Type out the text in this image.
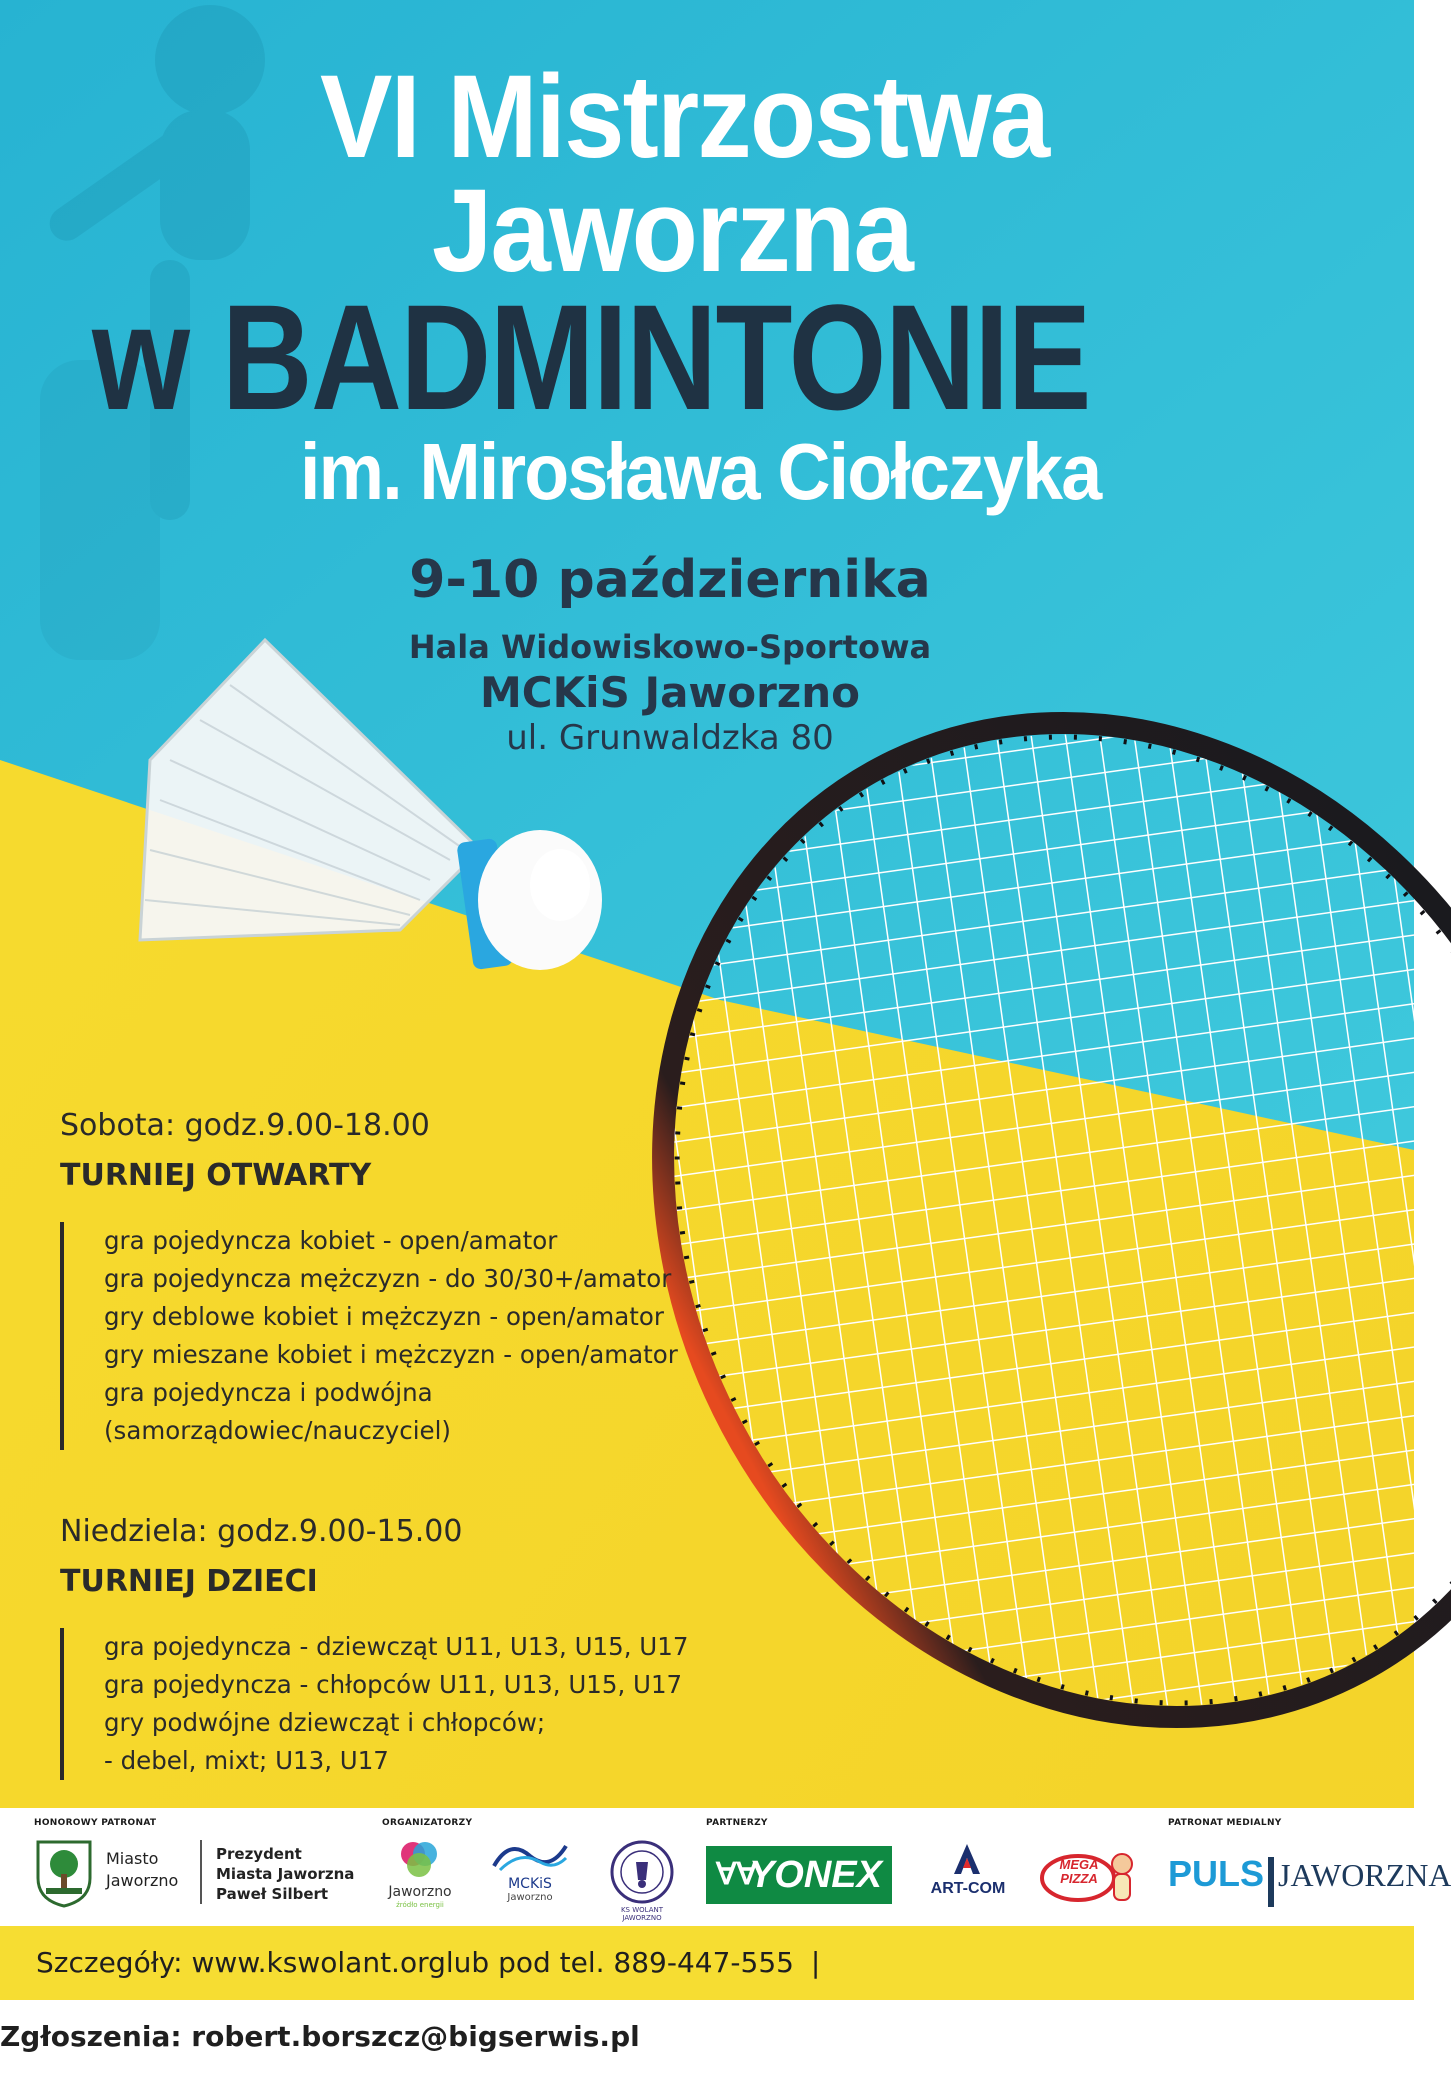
VI Mistrzostwa
Jaworzna
w BADMINTONIE
im. Mirosława Ciołczyka
9-10 października
Hala Widowiskowo-Sportowa
MCKiS Jaworzno
ul. Grunwaldzka 80
Sobota: godz.9.00-18.00
TURNIEJ OTWARTY
gra pojedyncza kobiet - open/amator
gra pojedyncza mężczyzn - do 30/30+/amator
gry deblowe kobiet i mężczyzn - open/amator
gry mieszane kobiet i mężczyzn - open/amator
gra pojedyncza i podwójna
(samorządowiec/nauczyciel)
Niedziela: godz.9.00-15.00
TURNIEJ DZIECI
gra pojedyncza - dziewcząt U11, U13, U15, U17
gra pojedyncza - chłopców U11, U13, U15, U17
gry podwójne dziewcząt i chłopców;
- debel, mixt; U13, U17
HONOROWY PATRONAT	ORGANIZATORZY	PARTNERZY	PATRONAT MEDIALNY
Miasto
Jaworzno
Prezydent
Miasta Jaworzna
Paweł Silbert	Jaworzno
źródło energii
MCKiS
Jaworzno
KS WOLANT JAWORZNO
∀∀
YONEX	ART-COM
MEGA
PIZZA	PULS JAWORZNA
Szczegóły: www.kswolant.orglub pod tel. 889-447-555 | Zgłoszenia: robert.borszcz@bigserwis.pl
